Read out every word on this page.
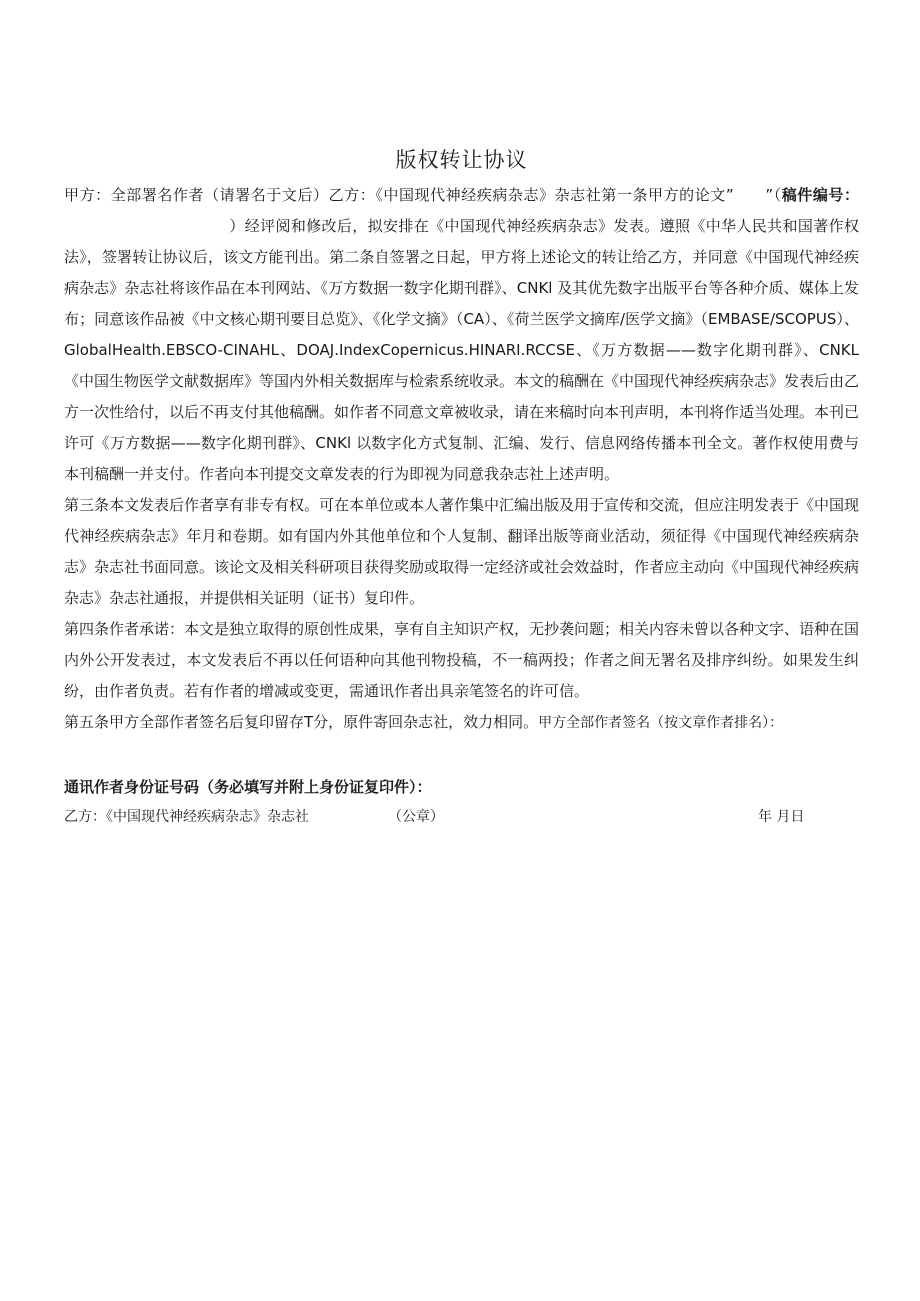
版权转让协议

甲方：全部署名作者（请署名于文后）乙方：《中国现代神经疾病杂志》杂志社第一条甲方的论文”　　”（稿件编号：）经评阅和修改后，拟安排在《中国现代神经疾病杂志》发表。遵照《中华人民共和国著作权法》，签署转让协议后，该文方能刊出。第二条自签署之日起，甲方将上述论文的转让给乙方，并同意《中国现代神经疾病杂志》杂志社将该作品在本刊网站、《万方数据一数字化期刊群》、CNKl 及其优先数字出版平台等各种介质、媒体上发布；同意该作品被《中文核心期刊要目总览》、《化学文摘》（CA）、《荷兰医学文摘库/医学文摘》（EMBASE/SCOPUS）、GlobalHealth.EBSCO-CINAHL、DOAJ.IndexCopernicus.HINARI.RCCSE、《万方数据——数字化期刊群》、CNKL《中国生物医学文献数据库》等国内外相关数据库与检索系统收录。本文的稿酬在《中国现代神经疾病杂志》发表后由乙方一次性给付，以后不再支付其他稿酬。如作者不同意文章被收录，请在来稿时向本刊声明，本刊将作适当处理。本刊已许可《万方数据——数字化期刊群》、CNKl 以数字化方式复制、汇编、发行、信息网络传播本刊全文。著作权使用费与本刊稿酬一并支付。作者向本刊提交文章发表的行为即视为同意我杂志社上述声明。

第三条本文发表后作者享有非专有权。可在本单位或本人著作集中汇编出版及用于宣传和交流，但应注明发表于《中国现代神经疾病杂志》年月和卷期。如有国内外其他单位和个人复制、翻译出版等商业活动，须征得《中国现代神经疾病杂志》杂志社书面同意。该论文及相关科研项目获得奖励或取得一定经济或社会效益时，作者应主动向《中国现代神经疾病杂志》杂志社通报，并提供相关证明（证书）复印件。

第四条作者承诺：本文是独立取得的原创性成果，享有自主知识产权，无抄袭问题；相关内容未曾以各种文字、语种在国内外公开发表过，本文发表后不再以任何语种向其他刊物投稿，不一稿两投；作者之间无署名及排序纠纷。如果发生纠纷，由作者负责。若有作者的增减或变更，需通讯作者出具亲笔签名的许可信。

第五条甲方全部作者签名后复印留存T分，原件寄回杂志社，效力相同。甲方全部作者签名（按文章作者排名）：

通讯作者身份证号码（务必填写并附上身份证复印件）：
乙方：《中国现代神经疾病杂志》杂志社	（公章）	年 月日
